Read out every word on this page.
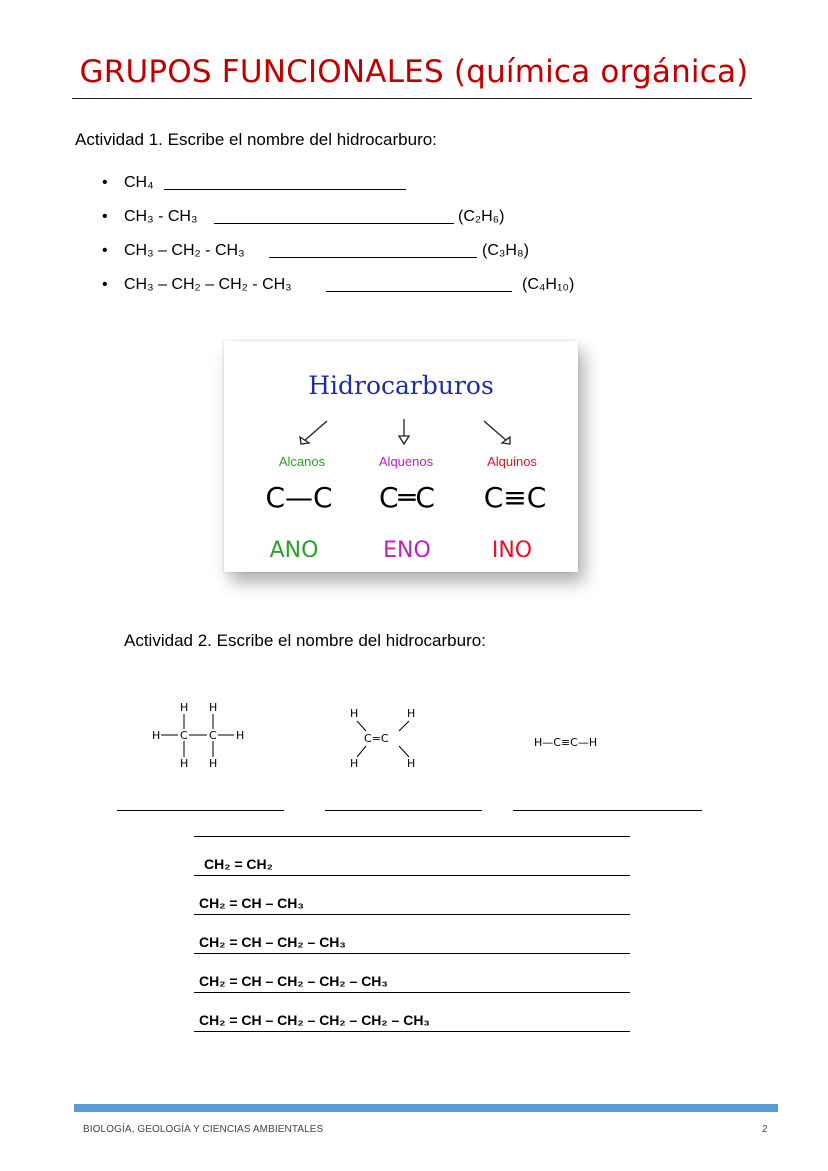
GRUPOS FUNCIONALES (química orgánica)
Actividad 1. Escribe el nombre del hidrocarburo:
• CH₄
• CH₃ - CH₃	(C₂H₆)
• CH₃ – CH₂ - CH₃	(C₃H₈)
• CH₃ – CH₂ – CH₂ - CH₃	(C₄H₁₀)
Hidrocarburos
Alcanos	Alquenos	Alquinos
C—C	C═C	C≡C
ANO	ENO	INO
Actividad 2. Escribe el nombre del hidrocarburo:
H H
H C C H
H H
H	H
C=C
H	H
H—C≡C—H
CH₂ = CH₂
CH₂ = CH – CH₃
CH₂ = CH – CH₂ – CH₃
CH₂ = CH – CH₂ – CH₂ – CH₃
CH₂ = CH – CH₂ – CH₂ – CH₂ – CH₃
BIOLOGÍA, GEOLOGÍA Y CIENCIAS AMBIENTALES	2
